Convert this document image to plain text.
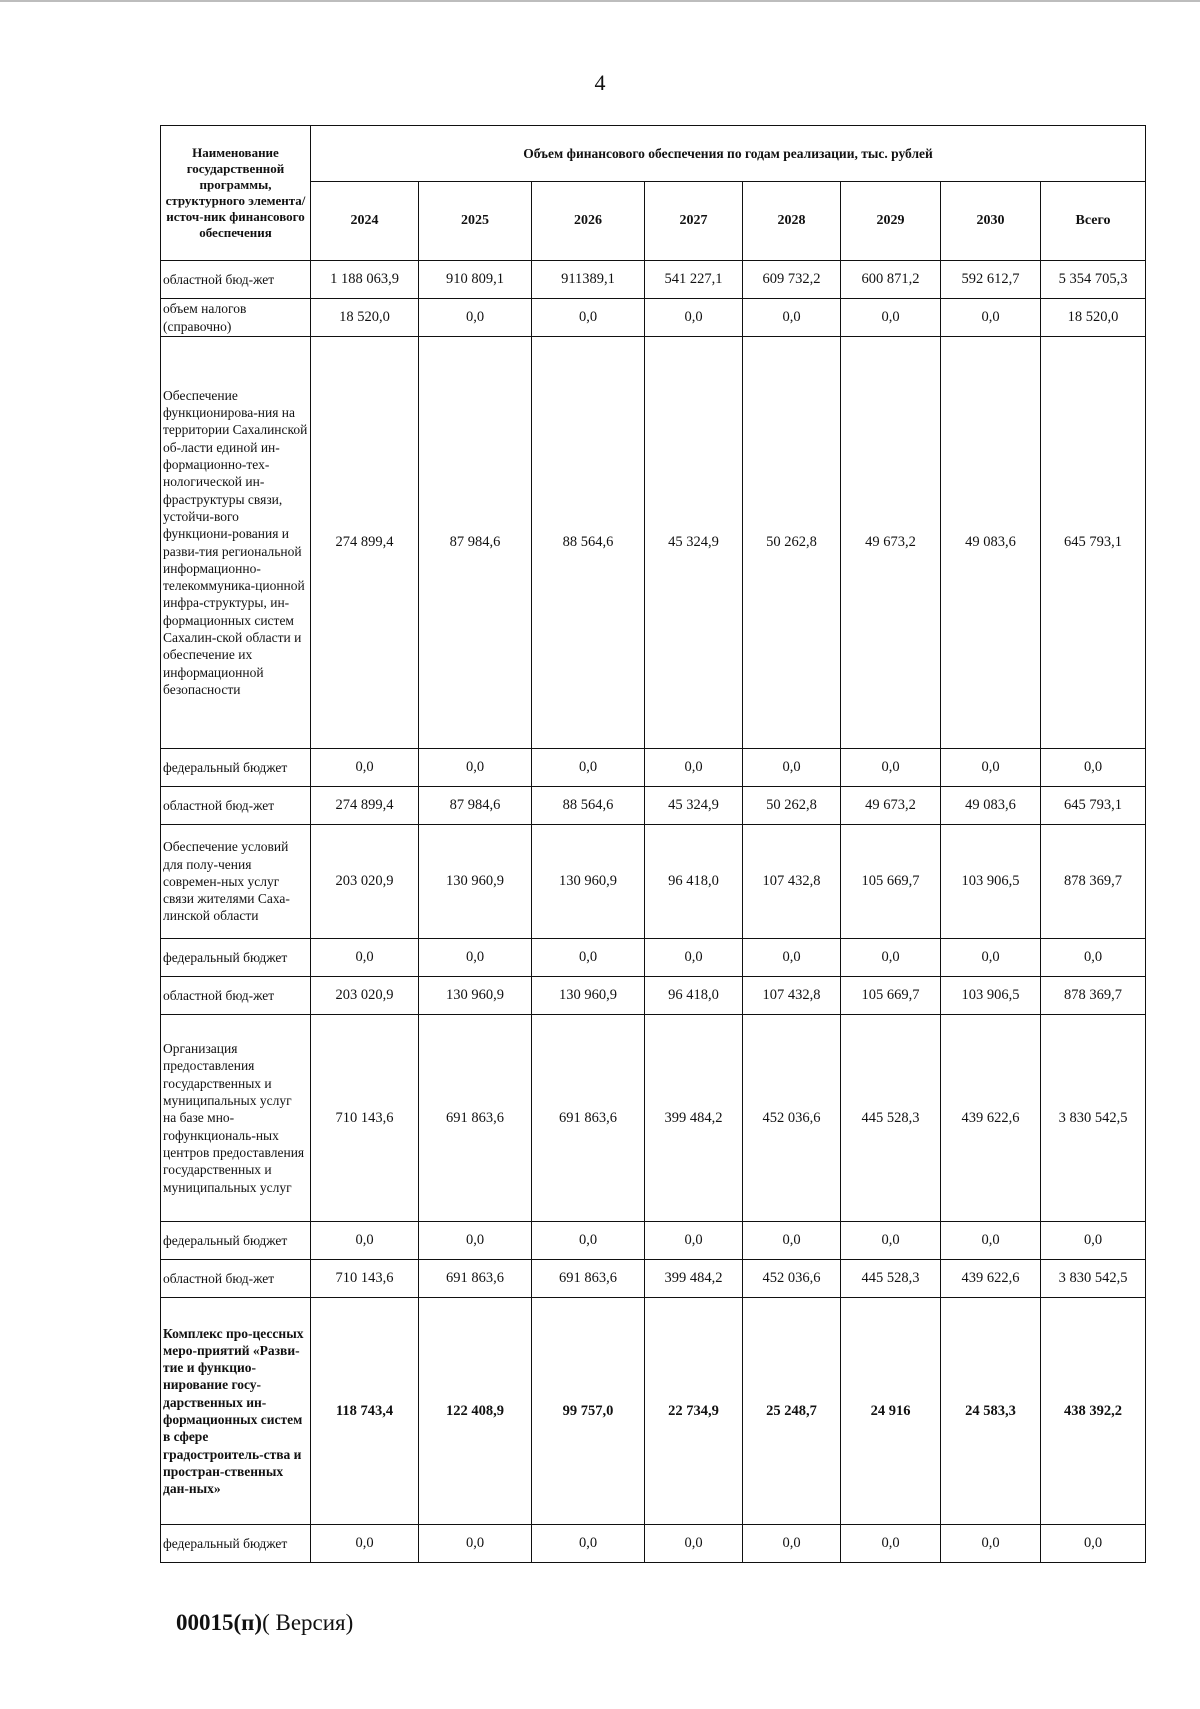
4
Наименование государственной программы, структурного элемента/источ-ник финансового обеспечения	Объем финансового обеспечения по годам реализации, тыс. рублей							
	2024	2025	2026	2027	2028	2029	2030	Всего
областной бюд-жет	1 188 063,9	910 809,1	911389,1	541 227,1	609 732,2	600 871,2	592 612,7	5 354 705,3
объем налогов (справочно)	18 520,0	0,0	0,0	0,0	0,0	0,0	0,0	18 520,0
Обеспечение функционирова-ния на территории Сахалинской об-ласти единой ин-формационно-тех-нологической ин-фраструктуры связи, устойчи-вого функциони-рования и разви-тия региональной информационно-телекоммуника-ционной инфра-структуры, ин-формационных систем Сахалин-ской области и обеспечение их информационной безопасности	274 899,4	87 984,6	88 564,6	45 324,9	50 262,8	49 673,2	49 083,6	645 793,1
федеральный бюджет	0,0	0,0	0,0	0,0	0,0	0,0	0,0	0,0
областной бюд-жет	274 899,4	87 984,6	88 564,6	45 324,9	50 262,8	49 673,2	49 083,6	645 793,1
Обеспечение условий для полу-чения современ-ных услуг связи жителями Саха-линской области	203 020,9	130 960,9	130 960,9	96 418,0	107 432,8	105 669,7	103 906,5	878 369,7
федеральный бюджет	0,0	0,0	0,0	0,0	0,0	0,0	0,0	0,0
областной бюд-жет	203 020,9	130 960,9	130 960,9	96 418,0	107 432,8	105 669,7	103 906,5	878 369,7
Организация предоставления государственных и муниципальных услуг на базе мно-гофункциональ-ных центров предоставления государственных и муниципальных услуг	710 143,6	691 863,6	691 863,6	399 484,2	452 036,6	445 528,3	439 622,6	3 830 542,5
федеральный бюджет	0,0	0,0	0,0	0,0	0,0	0,0	0,0	0,0
областной бюд-жет	710 143,6	691 863,6	691 863,6	399 484,2	452 036,6	445 528,3	439 622,6	3 830 542,5
Комплекс про-цессных меро-приятий «Разви-тие и функцио-нирование госу-дарственных ин-формационных систем в сфере градостроитель-ства и простран-ственных дан-ных»	118 743,4	122 408,9	99 757,0	22 734,9	25 248,7	24 916	24 583,3	438 392,2
федеральный бюджет	0,0	0,0	0,0	0,0	0,0	0,0	0,0	0,0
00015(п)( Версия)
